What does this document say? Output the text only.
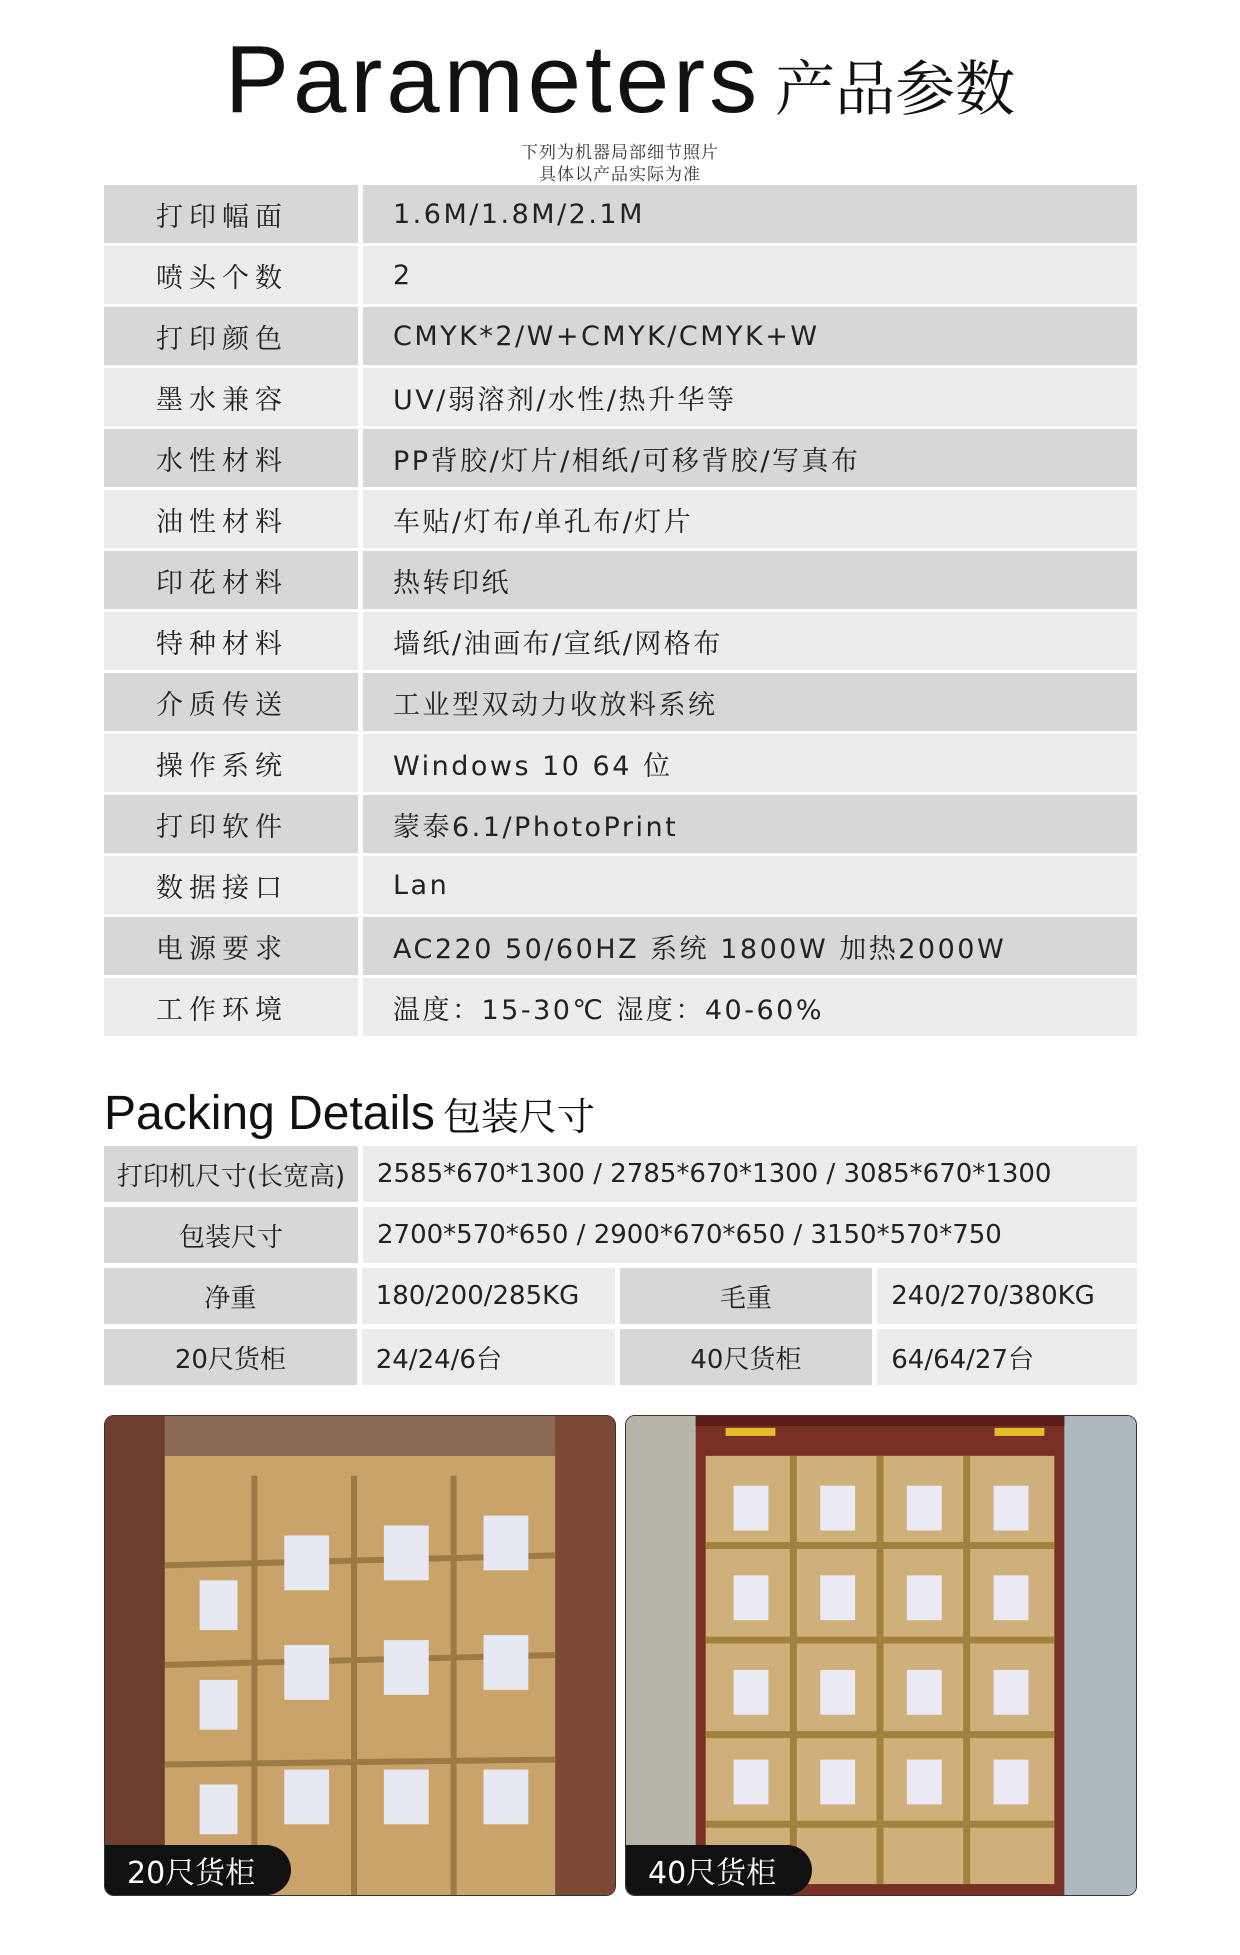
Parameters 产品参数
下列为机器局部细节照片
具体以产品实际为准
打印幅面	1.6M/1.8M/2.1M
喷头个数	2
打印颜色	CMYK*2/W+CMYK/CMYK+W
墨水兼容	UV/弱溶剂/水性/热升华等
水性材料	PP背胶/灯片/相纸/可移背胶/写真布
油性材料	车贴/灯布/单孔布/灯片
印花材料	热转印纸
特种材料	墙纸/油画布/宣纸/网格布
介质传送	工业型双动力收放料系统
操作系统	Windows 10 64 位
打印软件	蒙泰6.1/PhotoPrint
数据接口	Lan
电源要求	AC220 50/60HZ 系统 1800W 加热2000W
工作环境	温度：15-30℃ 湿度：40-60%
Packing Details 包装尺寸
打印机尺寸(长宽高)	2585*670*1300 / 2785*670*1300 / 3085*670*1300
包装尺寸	2700*570*650 / 2900*670*650 / 3150*570*750
净重	180/200/285KG	毛重	240/270/380KG
20尺货柜	24/24/6台	40尺货柜	64/64/27台
20尺货柜	40尺货柜
